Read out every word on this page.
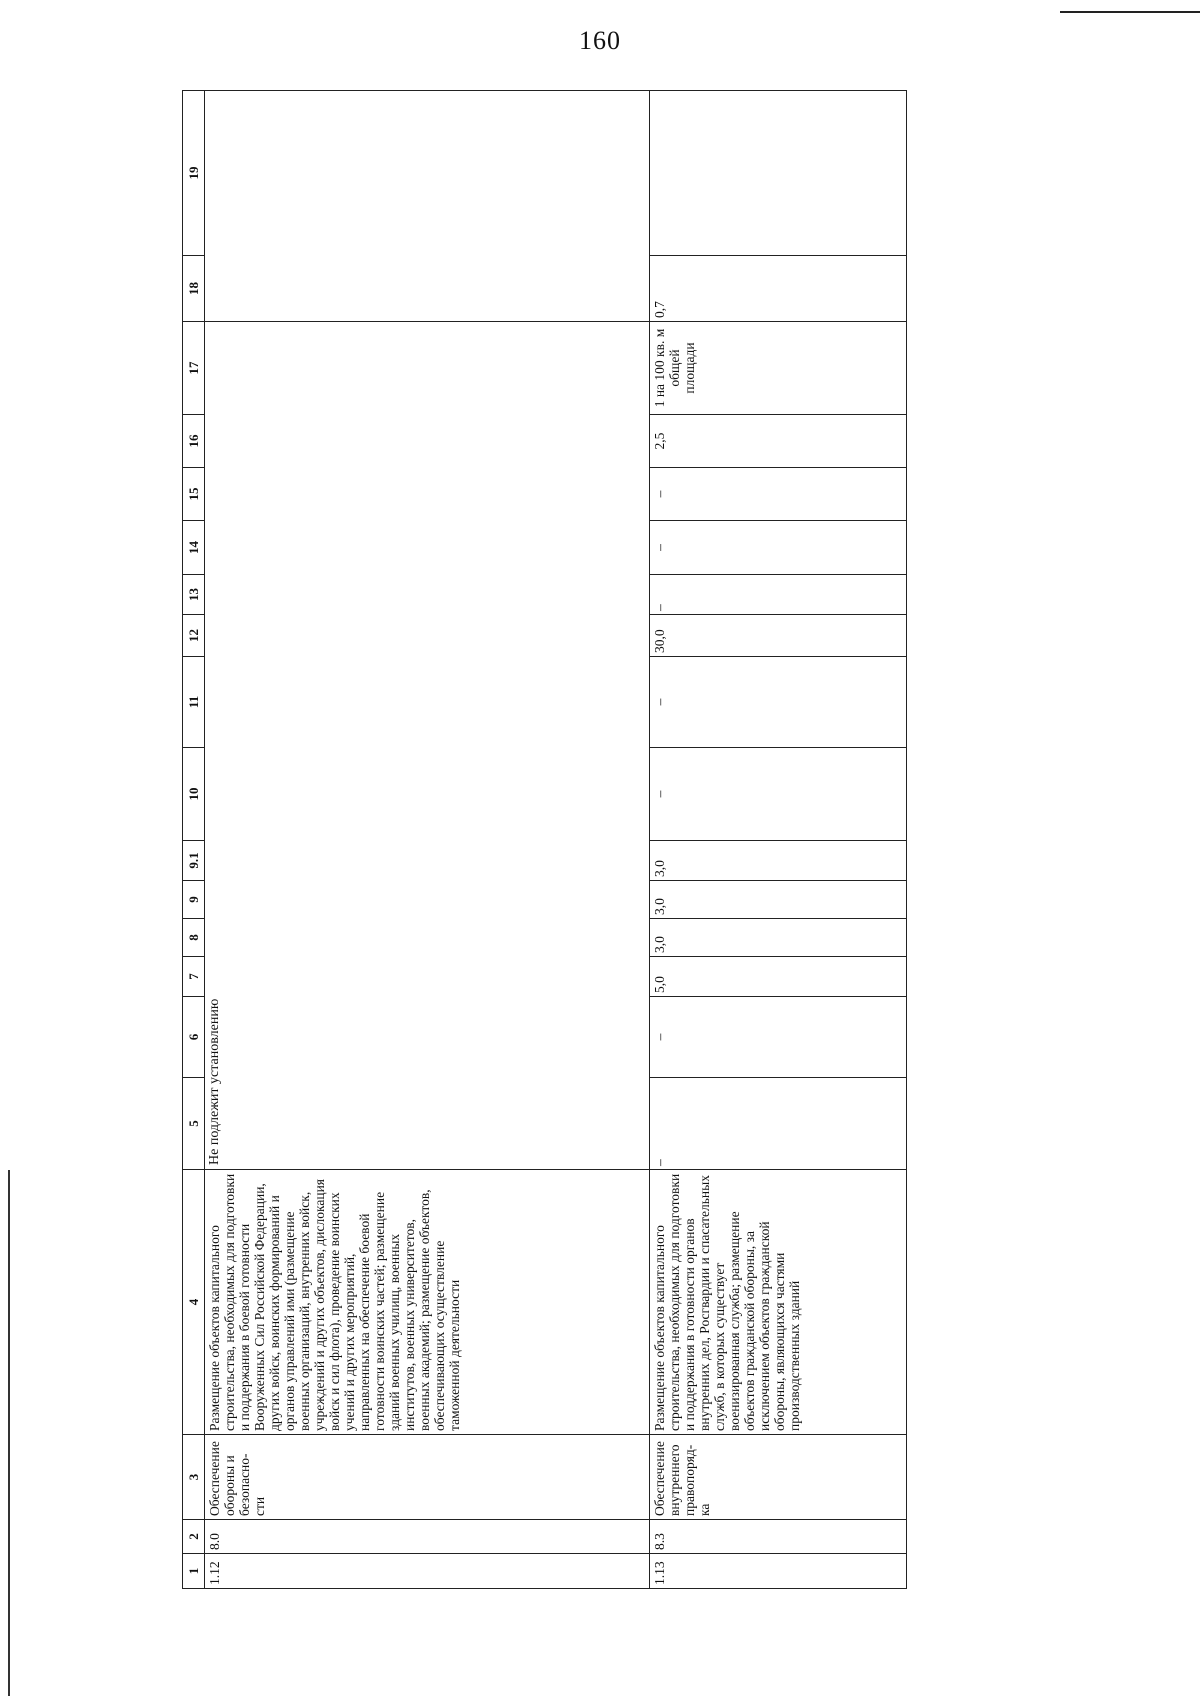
160
1	2	3	4	5	6	7	8	9	9.1	10	11	12	13	14	15	16	17	18	19
1.12	8.0	Обеспечение обороны и безопасно-сти	Размещение объектов капитального строительства, необходимых для подготовки и поддержания в боевой готовности Вооруженных Сил Российской Федерации, других войск, воинских формирований и органов управлений ими (размещение военных организаций, внутренних войск, учреждений и других объектов, дислокация войск и сил флота), проведение воинских учений и других мероприятий, направленных на обеспечение боевой готовности воинских частей; размещение зданий военных училищ, военных институтов, военных университетов, военных академий; размещение объектов, обеспечивающих осуществление таможенной деятельности	Не подлежит установлению															
1.13	8.3	Обеспечение внутреннего правопоряд-ка	Размещение объектов капитального строительства, необходимых для подготовки и поддержания в готовности органов внутренних дел, Росгвардии и спасательных служб, в которых существует военизированная служба; размещение объектов гражданской обороны, за исключением объектов гражданской обороны, являющихся частями производственных зданий	–	–	5,0	3,0	3,0	3,0	–	–	30,0	–	–	–	2,5	1 на 100 кв. м общей площади	0,7	
